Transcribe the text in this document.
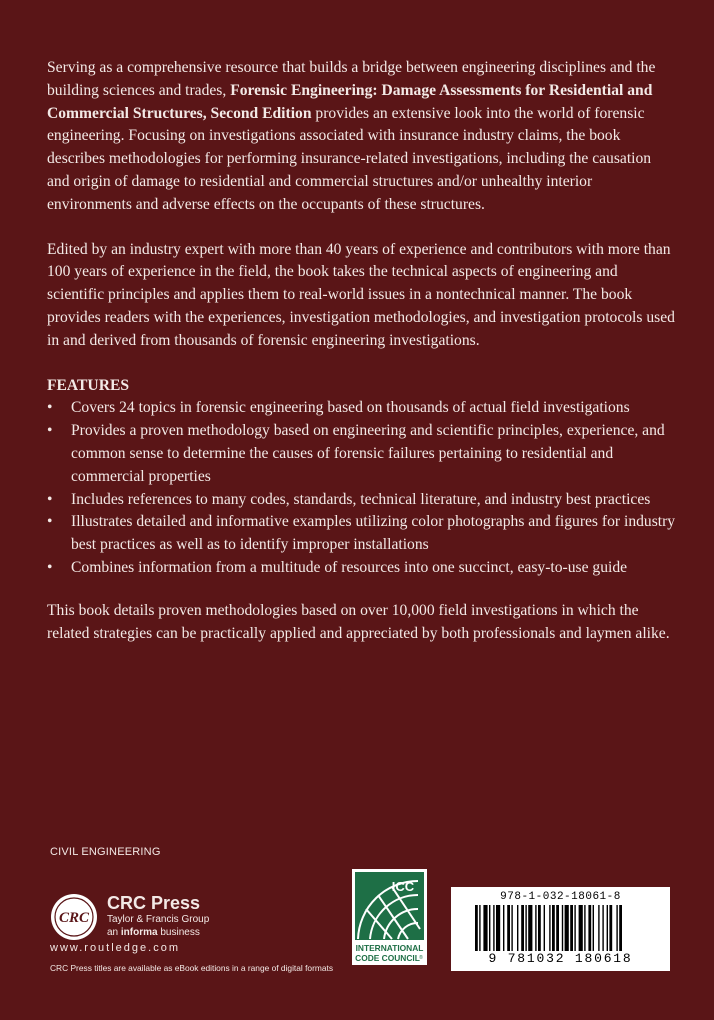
Serving as a comprehensive resource that builds a bridge between engineering disciplines and the building sciences and trades, Forensic Engineering: Damage Assessments for Residential and Commercial Structures, Second Edition provides an extensive look into the world of forensic engineering. Focusing on investigations associated with insurance industry claims, the book describes methodologies for performing insurance-related investigations, including the causation and origin of damage to residential and commercial structures and/or unhealthy interior environments and adverse effects on the occupants of these structures.

Edited by an industry expert with more than 40 years of experience and contributors with more than 100 years of experience in the field, the book takes the technical aspects of engineering and scientific principles and applies them to real-world issues in a nontechnical manner. The book provides readers with the experiences, investigation methodologies, and investigation protocols used in and derived from thousands of forensic engineering investigations.

FEATURES

• Covers 24 topics in forensic engineering based on thousands of actual field investigations
• Provides a proven methodology based on engineering and scientific principles, experience, and common sense to determine the causes of forensic failures pertaining to residential and commercial properties
• Includes references to many codes, standards, technical literature, and industry best practices
• Illustrates detailed and informative examples utilizing color photographs and figures for industry best practices as well as to identify improper installations
• Combines information from a multitude of resources into one succinct, easy-to-use guide

This book details proven methodologies based on over 10,000 field investigations in which the related strategies can be practically applied and appreciated by both professionals and laymen alike.

CIVIL ENGINEERING
CRC
CRC Press
Taylor & Francis Group
an informa business
www.routledge.com
CRC Press titles are available as eBook editions in a range of digital formats
ICC
INTERNATIONAL
CODE COUNCIL ®
978-1-032-18061-8
9 781032 180618
